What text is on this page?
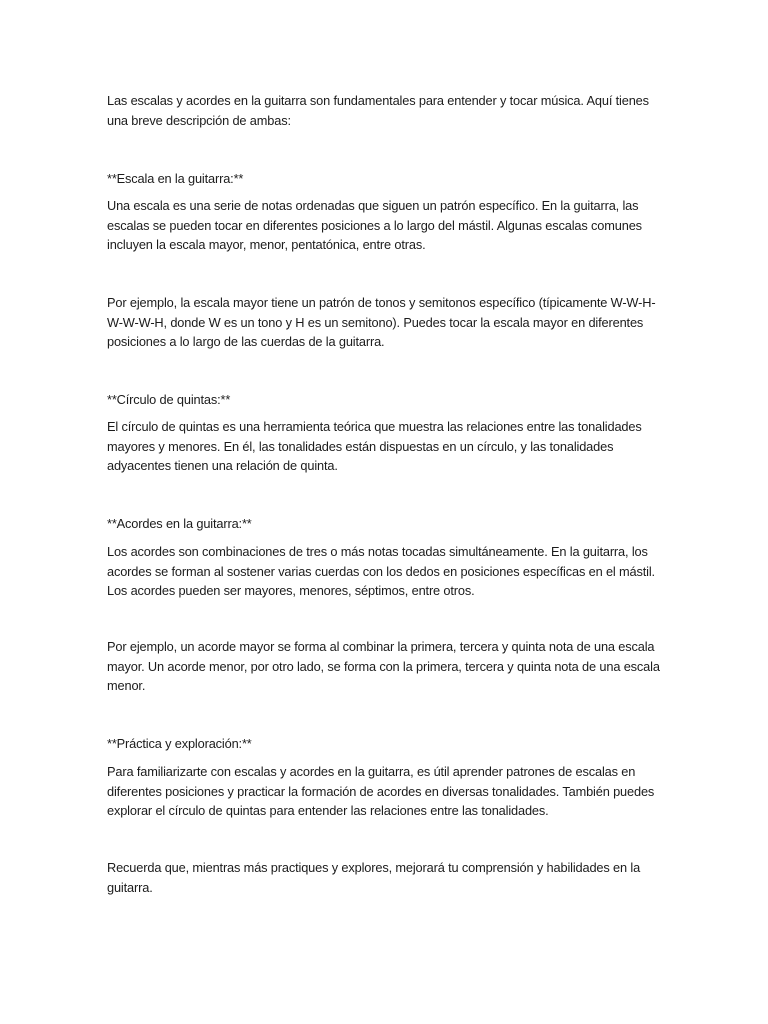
Las escalas y acordes en la guitarra son fundamentales para entender y tocar música. Aquí tienes una breve descripción de ambas:

**Escala en la guitarra:**

Una escala es una serie de notas ordenadas que siguen un patrón específico. En la guitarra, las escalas se pueden tocar en diferentes posiciones a lo largo del mástil. Algunas escalas comunes incluyen la escala mayor, menor, pentatónica, entre otras.

Por ejemplo, la escala mayor tiene un patrón de tonos y semitonos específico (típicamente W-W-H-W-W-W-H, donde W es un tono y H es un semitono). Puedes tocar la escala mayor en diferentes posiciones a lo largo de las cuerdas de la guitarra.

**Círculo de quintas:**

El círculo de quintas es una herramienta teórica que muestra las relaciones entre las tonalidades mayores y menores. En él, las tonalidades están dispuestas en un círculo, y las tonalidades adyacentes tienen una relación de quinta.

**Acordes en la guitarra:**

Los acordes son combinaciones de tres o más notas tocadas simultáneamente. En la guitarra, los acordes se forman al sostener varias cuerdas con los dedos en posiciones específicas en el mástil. Los acordes pueden ser mayores, menores, séptimos, entre otros.

Por ejemplo, un acorde mayor se forma al combinar la primera, tercera y quinta nota de una escala mayor. Un acorde menor, por otro lado, se forma con la primera, tercera y quinta nota de una escala menor.

**Práctica y exploración:**

Para familiarizarte con escalas y acordes en la guitarra, es útil aprender patrones de escalas en diferentes posiciones y practicar la formación de acordes en diversas tonalidades. También puedes explorar el círculo de quintas para entender las relaciones entre las tonalidades.

Recuerda que, mientras más practiques y explores, mejorará tu comprensión y habilidades en la guitarra.
